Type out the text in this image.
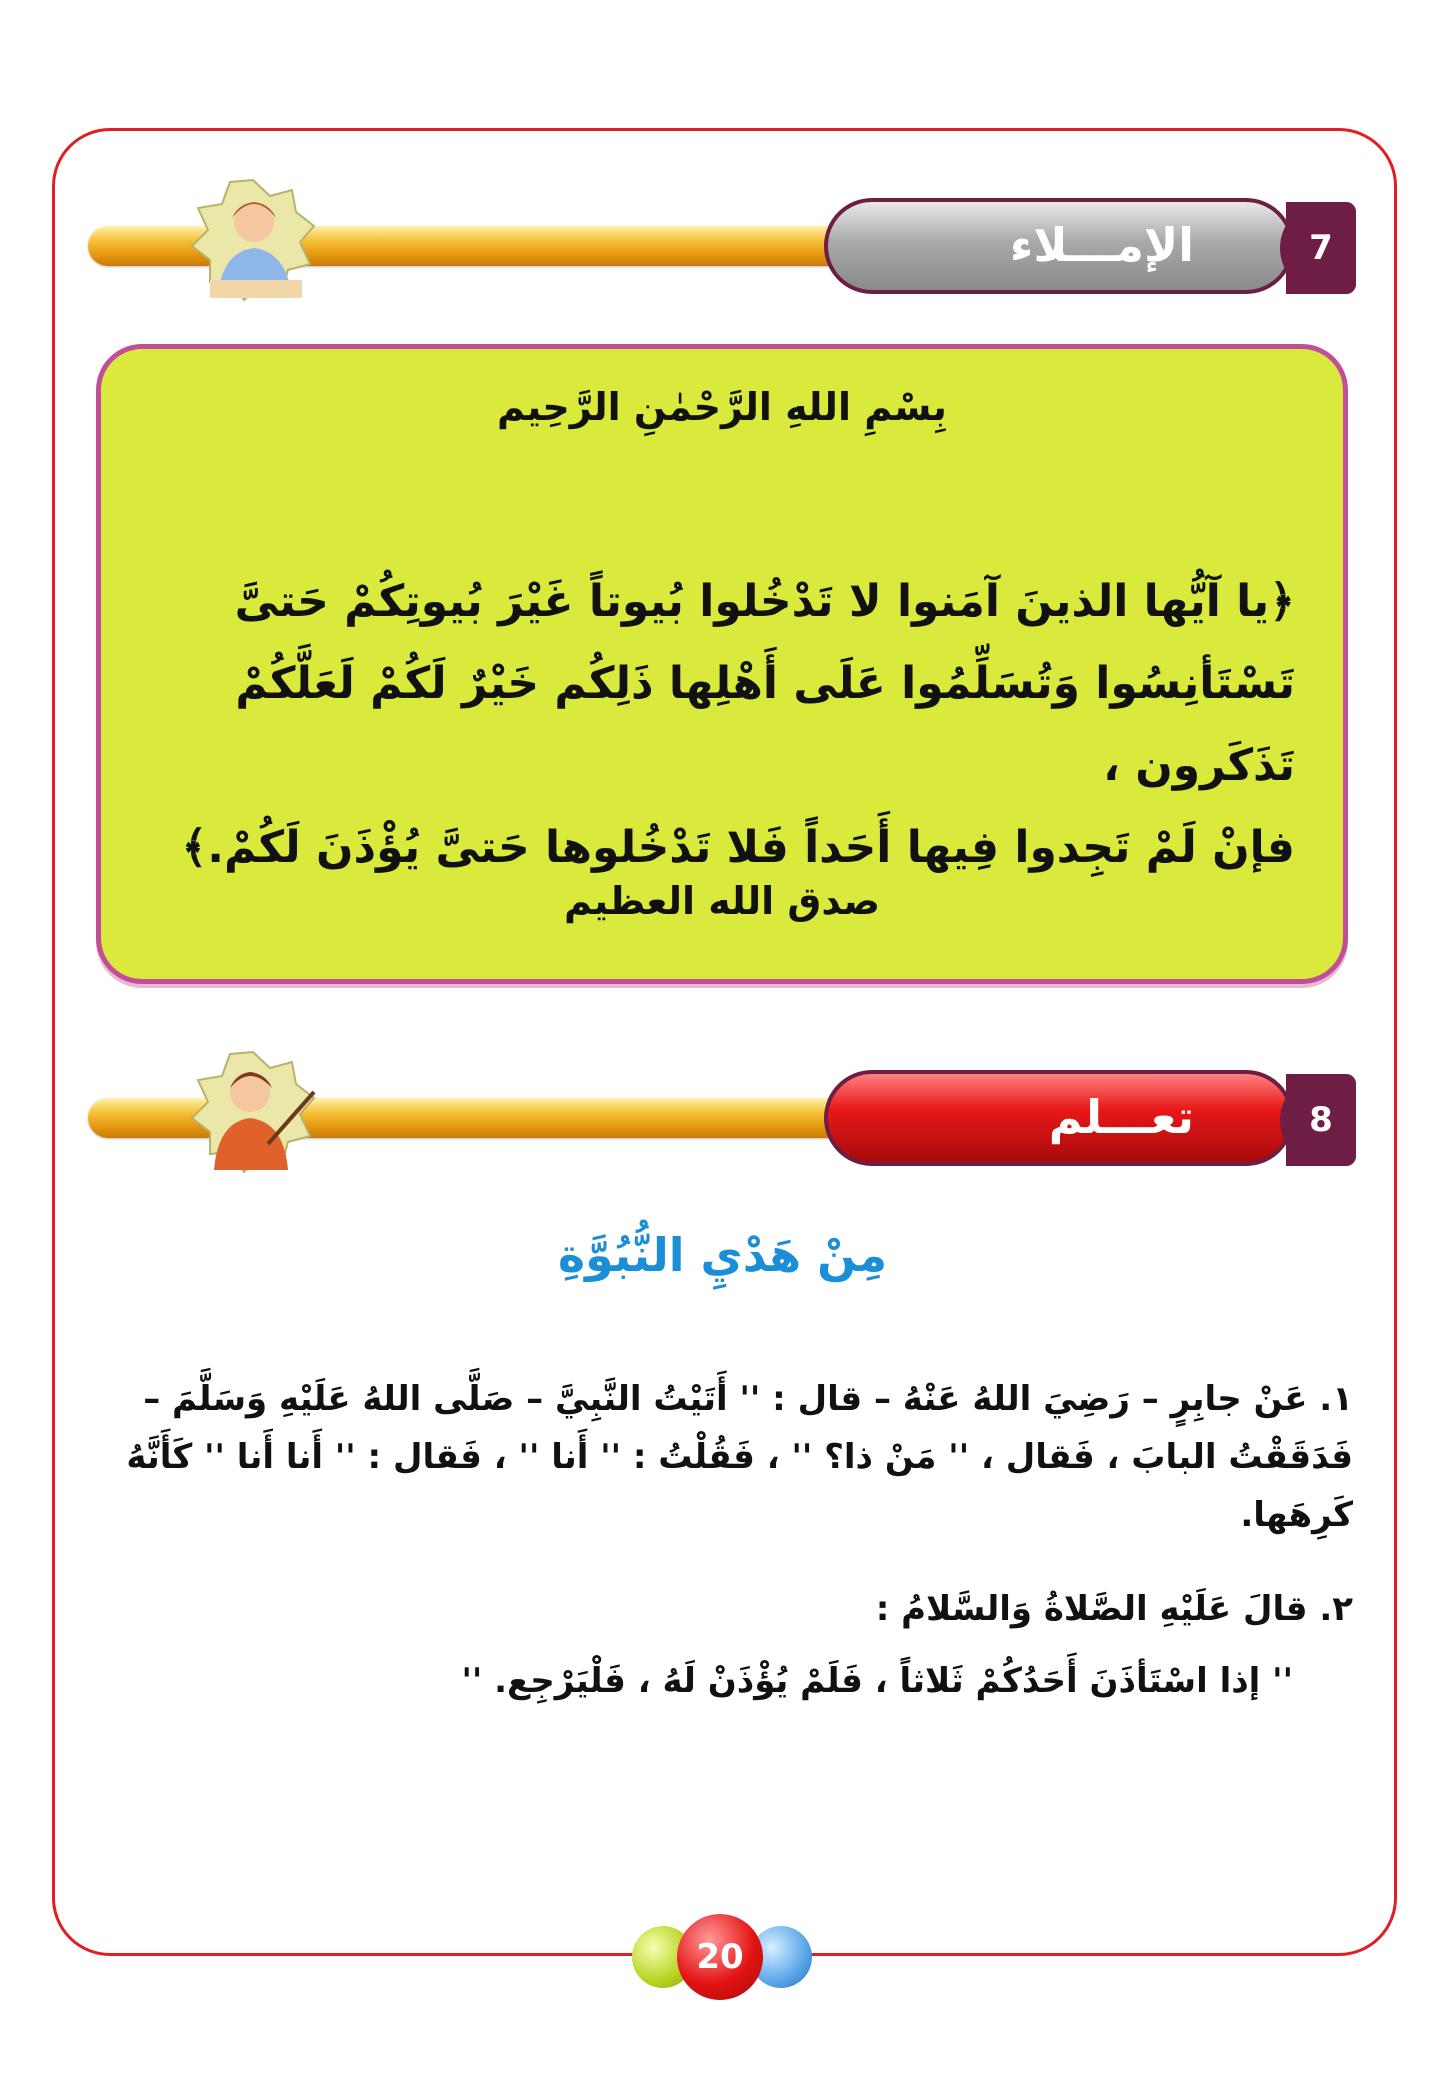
الإمـــلاء	7
بِسْمِ اللهِ الرَّحْمٰنِ الرَّحِيم
﴿يا آيُّها الذينَ آمَنوا لا تَدْخُلوا بُيوتاً غَيْرَ بُيوتِكُمْ حَتىَّ
تَسْتَأنِسُوا وَتُسَلِّمُوا عَلَى أَهْلِها ذَلِكُم خَيْرٌ لَكُمْ لَعَلَّكُمْ تَذَكَرون ،
فإنْ لَمْ تَجِدوا فِيها أَحَداً فَلا تَدْخُلوها حَتىَّ يُؤْذَنَ لَكُمْ.﴾
صدق الله العظيم
تعـــلم	8
مِنْ هَدْيِ النُّبُوَّةِ
١. عَنْ جابِرٍ – رَضِيَ اللهُ عَنْهُ – قال : '' أَتَيْتُ النَّبِيَّ – صَلَّى اللهُ عَلَيْهِ وَسَلَّمَ –
فَدَقَقْتُ البابَ ، فَقال ، '' مَنْ ذا؟ '' ، فَقُلْتُ : '' أَنا '' ، فَقال : '' أَنا أَنا '' كَأَنَّهُ كَرِهَها.
٢. قالَ عَلَيْهِ الصَّلاةُ وَالسَّلامُ :
'' إذا اسْتَأذَنَ أَحَدُكُمْ ثَلاثاً ، فَلَمْ يُؤْذَنْ لَهُ ، فَلْيَرْجِع. ''
20
